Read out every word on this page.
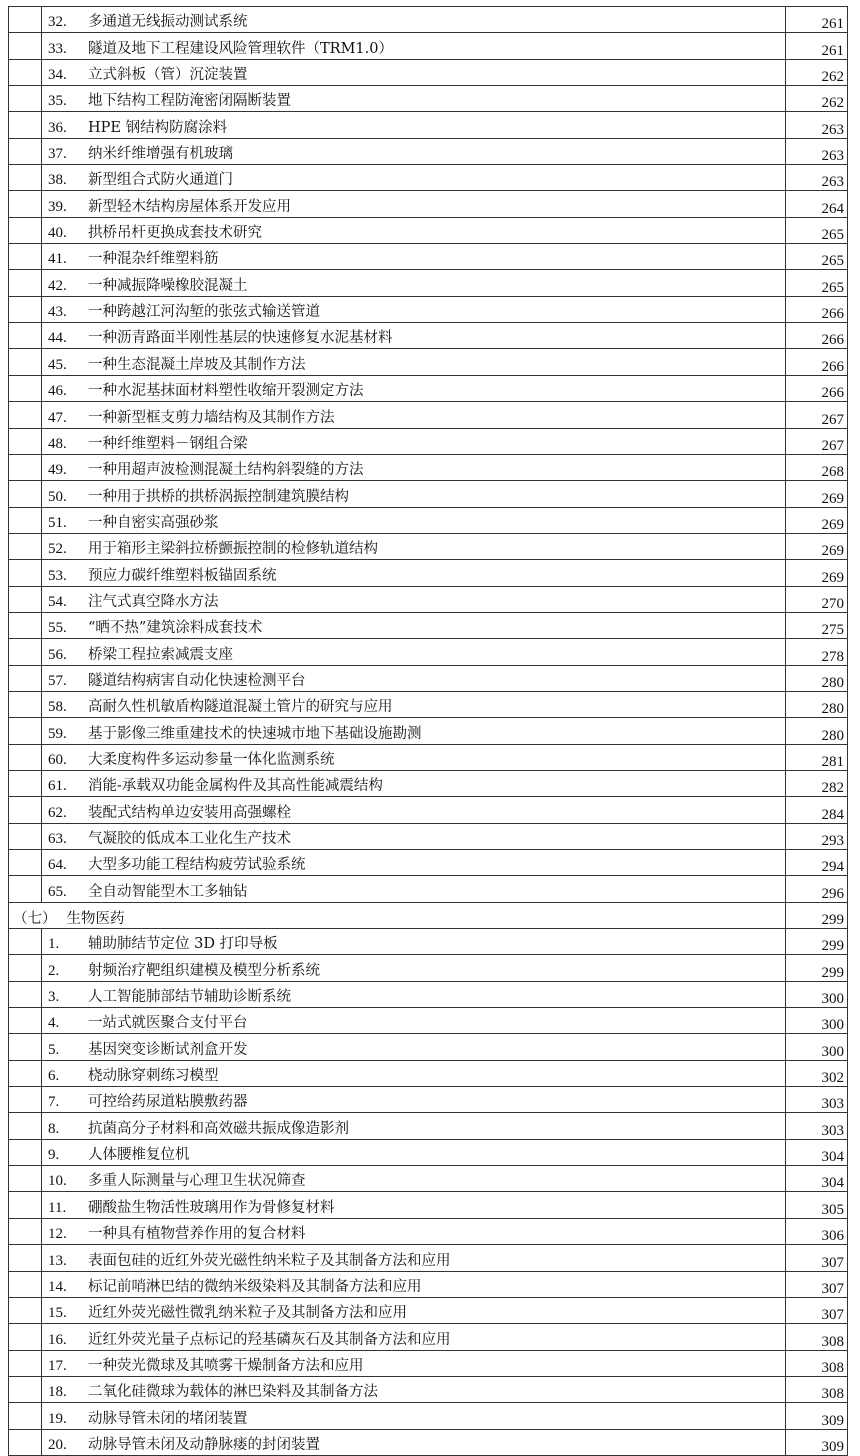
	32. 多通道无线振动测试系统	261
	33. 隧道及地下工程建设风险管理软件（TRM1.0）	261
	34. 立式斜板（管）沉淀装置	262
	35. 地下结构工程防淹密闭隔断装置	262
	36. HPE 钢结构防腐涂料	263
	37. 纳米纤维增强有机玻璃	263
	38. 新型组合式防火通道门	263
	39. 新型轻木结构房屋体系开发应用	264
	40. 拱桥吊杆更换成套技术研究	265
	41. 一种混杂纤维塑料筋	265
	42. 一种减振降噪橡胶混凝土	265
	43. 一种跨越江河沟堑的张弦式输送管道	266
	44. 一种沥青路面半刚性基层的快速修复水泥基材料	266
	45. 一种生态混凝土岸坡及其制作方法	266
	46. 一种水泥基抹面材料塑性收缩开裂测定方法	266
	47. 一种新型框支剪力墙结构及其制作方法	267
	48. 一种纤维塑料－钢组合梁	267
	49. 一种用超声波检测混凝土结构斜裂缝的方法	268
	50. 一种用于拱桥的拱桥涡振控制建筑膜结构	269
	51. 一种自密实高强砂浆	269
	52. 用于箱形主梁斜拉桥颤振控制的检修轨道结构	269
	53. 预应力碳纤维塑料板锚固系统	269
	54. 注气式真空降水方法	270
	55. “晒不热”建筑涂料成套技术	275
	56. 桥梁工程拉索减震支座	278
	57. 隧道结构病害自动化快速检测平台	280
	58. 高耐久性机敏盾构隧道混凝土管片的研究与应用	280
	59. 基于影像三维重建技术的快速城市地下基础设施勘测	280
	60. 大柔度构件多运动参量一体化监测系统	281
	61. 消能-承载双功能金属构件及其高性能减震结构	282
	62. 装配式结构单边安装用高强螺栓	284
	63. 气凝胶的低成本工业化生产技术	293
	64. 大型多功能工程结构疲劳试验系统	294
	65. 全自动智能型木工多轴钻	296
（七） 生物医药		299
	1. 辅助肺结节定位 3D 打印导板	299
	2. 射频治疗靶组织建模及模型分析系统	299
	3. 人工智能肺部结节辅助诊断系统	300
	4. 一站式就医聚合支付平台	300
	5. 基因突变诊断试剂盒开发	300
	6. 桡动脉穿刺练习模型	302
	7. 可控给药尿道粘膜敷药器	303
	8. 抗菌高分子材料和高效磁共振成像造影剂	303
	9. 人体腰椎复位机	304
	10. 多重人际测量与心理卫生状况筛查	304
	11. 硼酸盐生物活性玻璃用作为骨修复材料	305
	12. 一种具有植物营养作用的复合材料	306
	13. 表面包硅的近红外荧光磁性纳米粒子及其制备方法和应用	307
	14. 标记前哨淋巴结的微纳米级染料及其制备方法和应用	307
	15. 近红外荧光磁性微乳纳米粒子及其制备方法和应用	307
	16. 近红外荧光量子点标记的羟基磷灰石及其制备方法和应用	308
	17. 一种荧光微球及其喷雾干燥制备方法和应用	308
	18. 二氧化硅微球为载体的淋巴染料及其制备方法	308
	19. 动脉导管未闭的堵闭装置	309
	20. 动脉导管未闭及动静脉瘘的封闭装置	309
